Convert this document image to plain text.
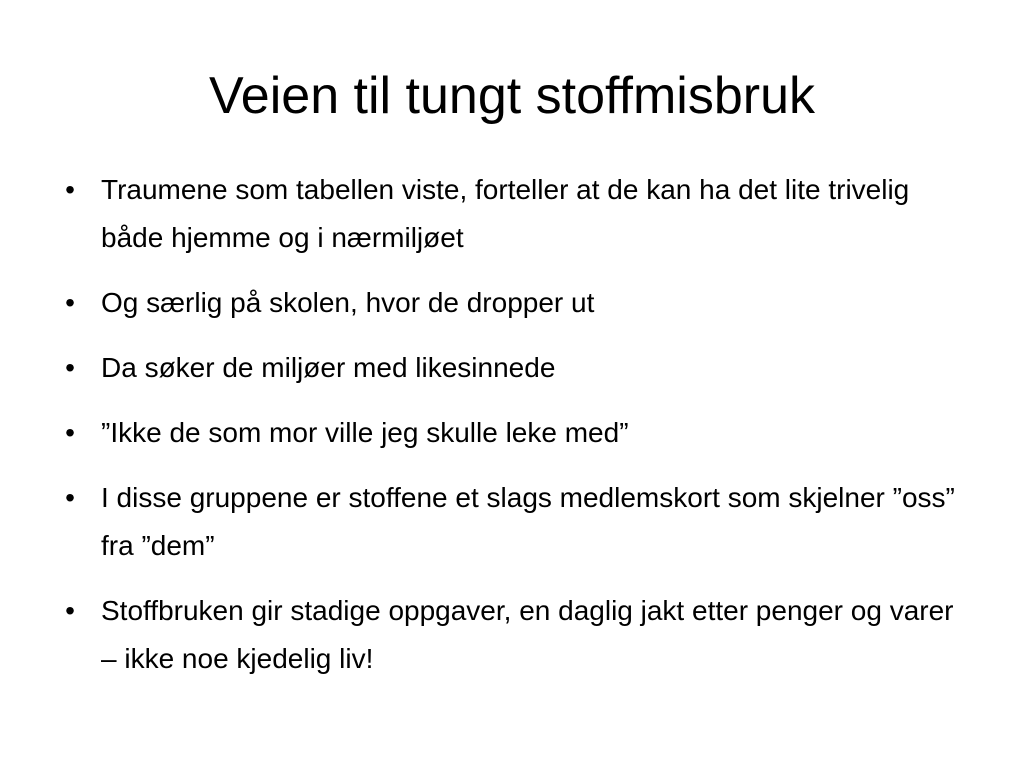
Veien til tungt stoffmisbruk
• Traumene som tabellen viste, forteller at de kan ha det lite trivelig både hjemme og i nærmiljøet
• Og særlig på skolen, hvor de dropper ut
• Da søker de miljøer med likesinnede
• ”Ikke de som mor ville jeg skulle leke med”
• I disse gruppene er stoffene et slags medlemskort som skjelner ”oss” fra ”dem”
• Stoffbruken gir stadige oppgaver, en daglig jakt etter penger og varer – ikke noe kjedelig liv!
